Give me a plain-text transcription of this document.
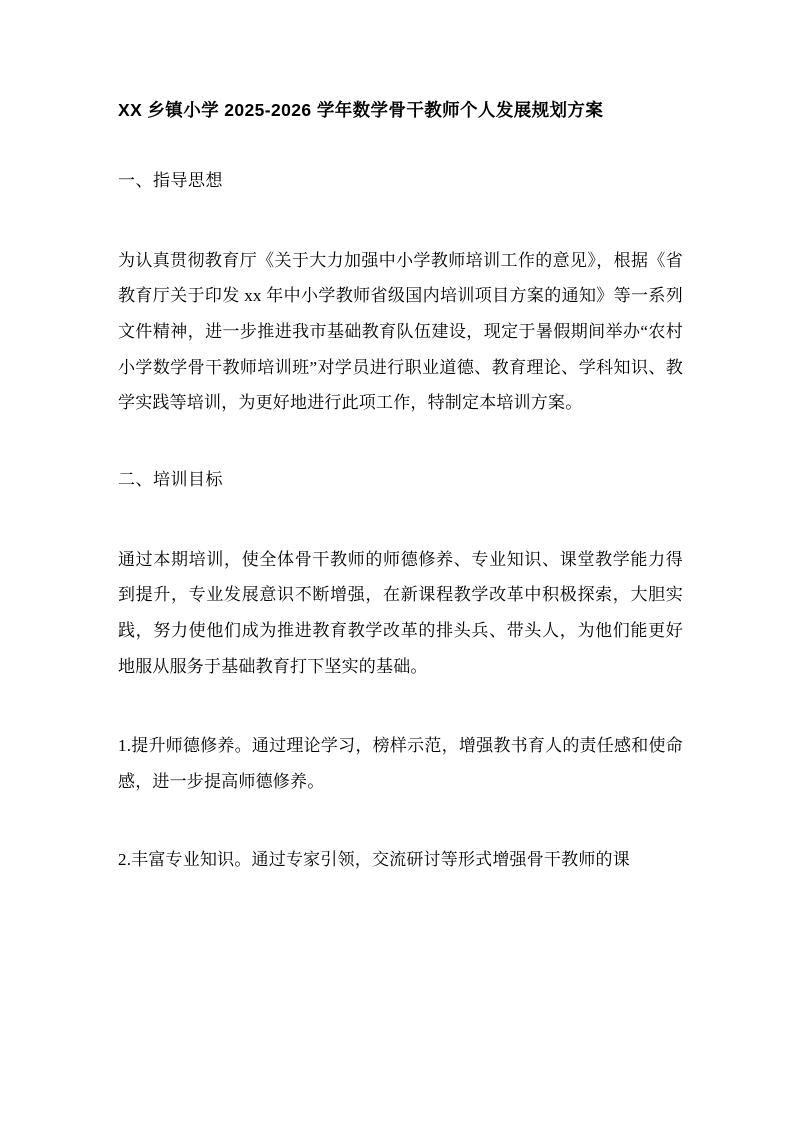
XX 乡镇小学 2025-2026 学年数学骨干教师个人发展规划方案
一、指导思想

为认真贯彻教育厅《关于大力加强中小学教师培训工作的意见》，根据《省教育厅关于印发 xx 年中小学教师省级国内培训项目方案的通知》等一系列文件精神，进一步推进我市基础教育队伍建设，现定于暑假期间举办“农村小学数学骨干教师培训班”对学员进行职业道德、教育理论、学科知识、教学实践等培训，为更好地进行此项工作，特制定本培训方案。

二、培训目标

通过本期培训，使全体骨干教师的师德修养、专业知识、课堂教学能力得到提升，专业发展意识不断增强，在新课程教学改革中积极探索，大胆实践，努力使他们成为推进教育教学改革的排头兵、带头人，为他们能更好地服从服务于基础教育打下坚实的基础。

1.提升师德修养。通过理论学习，榜样示范，增强教书育人的责任感和使命感，进一步提高师德修养。

2.丰富专业知识。通过专家引领，交流研讨等形式增强骨干教师的课
